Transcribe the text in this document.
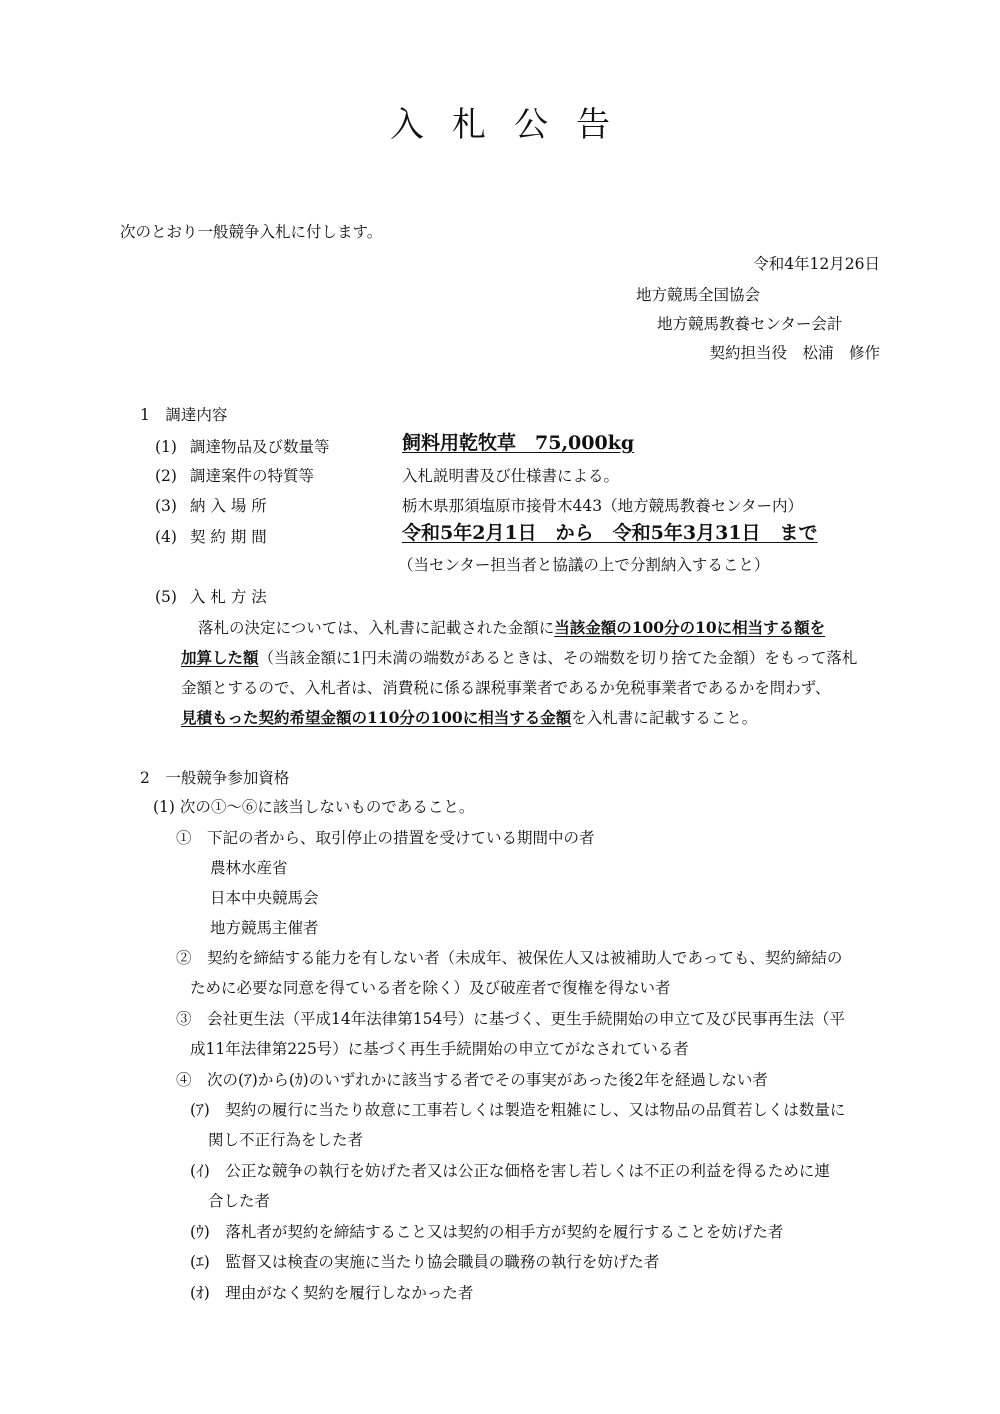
入 札 公 告
次のとおり一般競争入札に付します。
令和4年12月26日
地方競馬全国協会
地方競馬教養センター会計
契約担当役　松浦　修作
1　調達内容
(1) 調達物品及び数量等	飼料用乾牧草　75,000kg
(2) 調達案件の特質等	入札説明書及び仕様書による。
(3) 納 入 場 所	栃木県那須塩原市接骨木443（地方競馬教養センター内）
(4) 契 約 期 間	令和5年2月1日　から　令和5年3月31日　まで
（当センター担当者と協議の上で分割納入すること）
(5) 入 札 方 法
落札の決定については、入札書に記載された金額に当該金額の100分の10に相当する額を
加算した額（当該金額に1円未満の端数があるときは、その端数を切り捨てた金額）をもって落札
金額とするので、入札者は、消費税に係る課税事業者であるか免税事業者であるかを問わず、
見積もった契約希望金額の110分の100に相当する金額を入札書に記載すること。
2　一般競争参加資格
(1) 次の①～⑥に該当しないものであること。
①　下記の者から、取引停止の措置を受けている期間中の者
農林水産省
日本中央競馬会
地方競馬主催者
②　契約を締結する能力を有しない者（未成年、被保佐人又は被補助人であっても、契約締結の
ために必要な同意を得ている者を除く）及び破産者で復権を得ない者
③　会社更生法（平成14年法律第154号）に基づく、更生手続開始の申立て及び民事再生法（平
成11年法律第225号）に基づく再生手続開始の申立てがなされている者
④　次の(ｱ)から(ｶ)のいずれかに該当する者でその事実があった後2年を経過しない者
(ｱ)　契約の履行に当たり故意に工事若しくは製造を粗雑にし、又は物品の品質若しくは数量に
関し不正行為をした者
(ｲ)　公正な競争の執行を妨げた者又は公正な価格を害し若しくは不正の利益を得るために連
合した者
(ｳ)　落札者が契約を締結すること又は契約の相手方が契約を履行することを妨げた者
(ｴ)　監督又は検査の実施に当たり協会職員の職務の執行を妨げた者
(ｵ)　理由がなく契約を履行しなかった者
